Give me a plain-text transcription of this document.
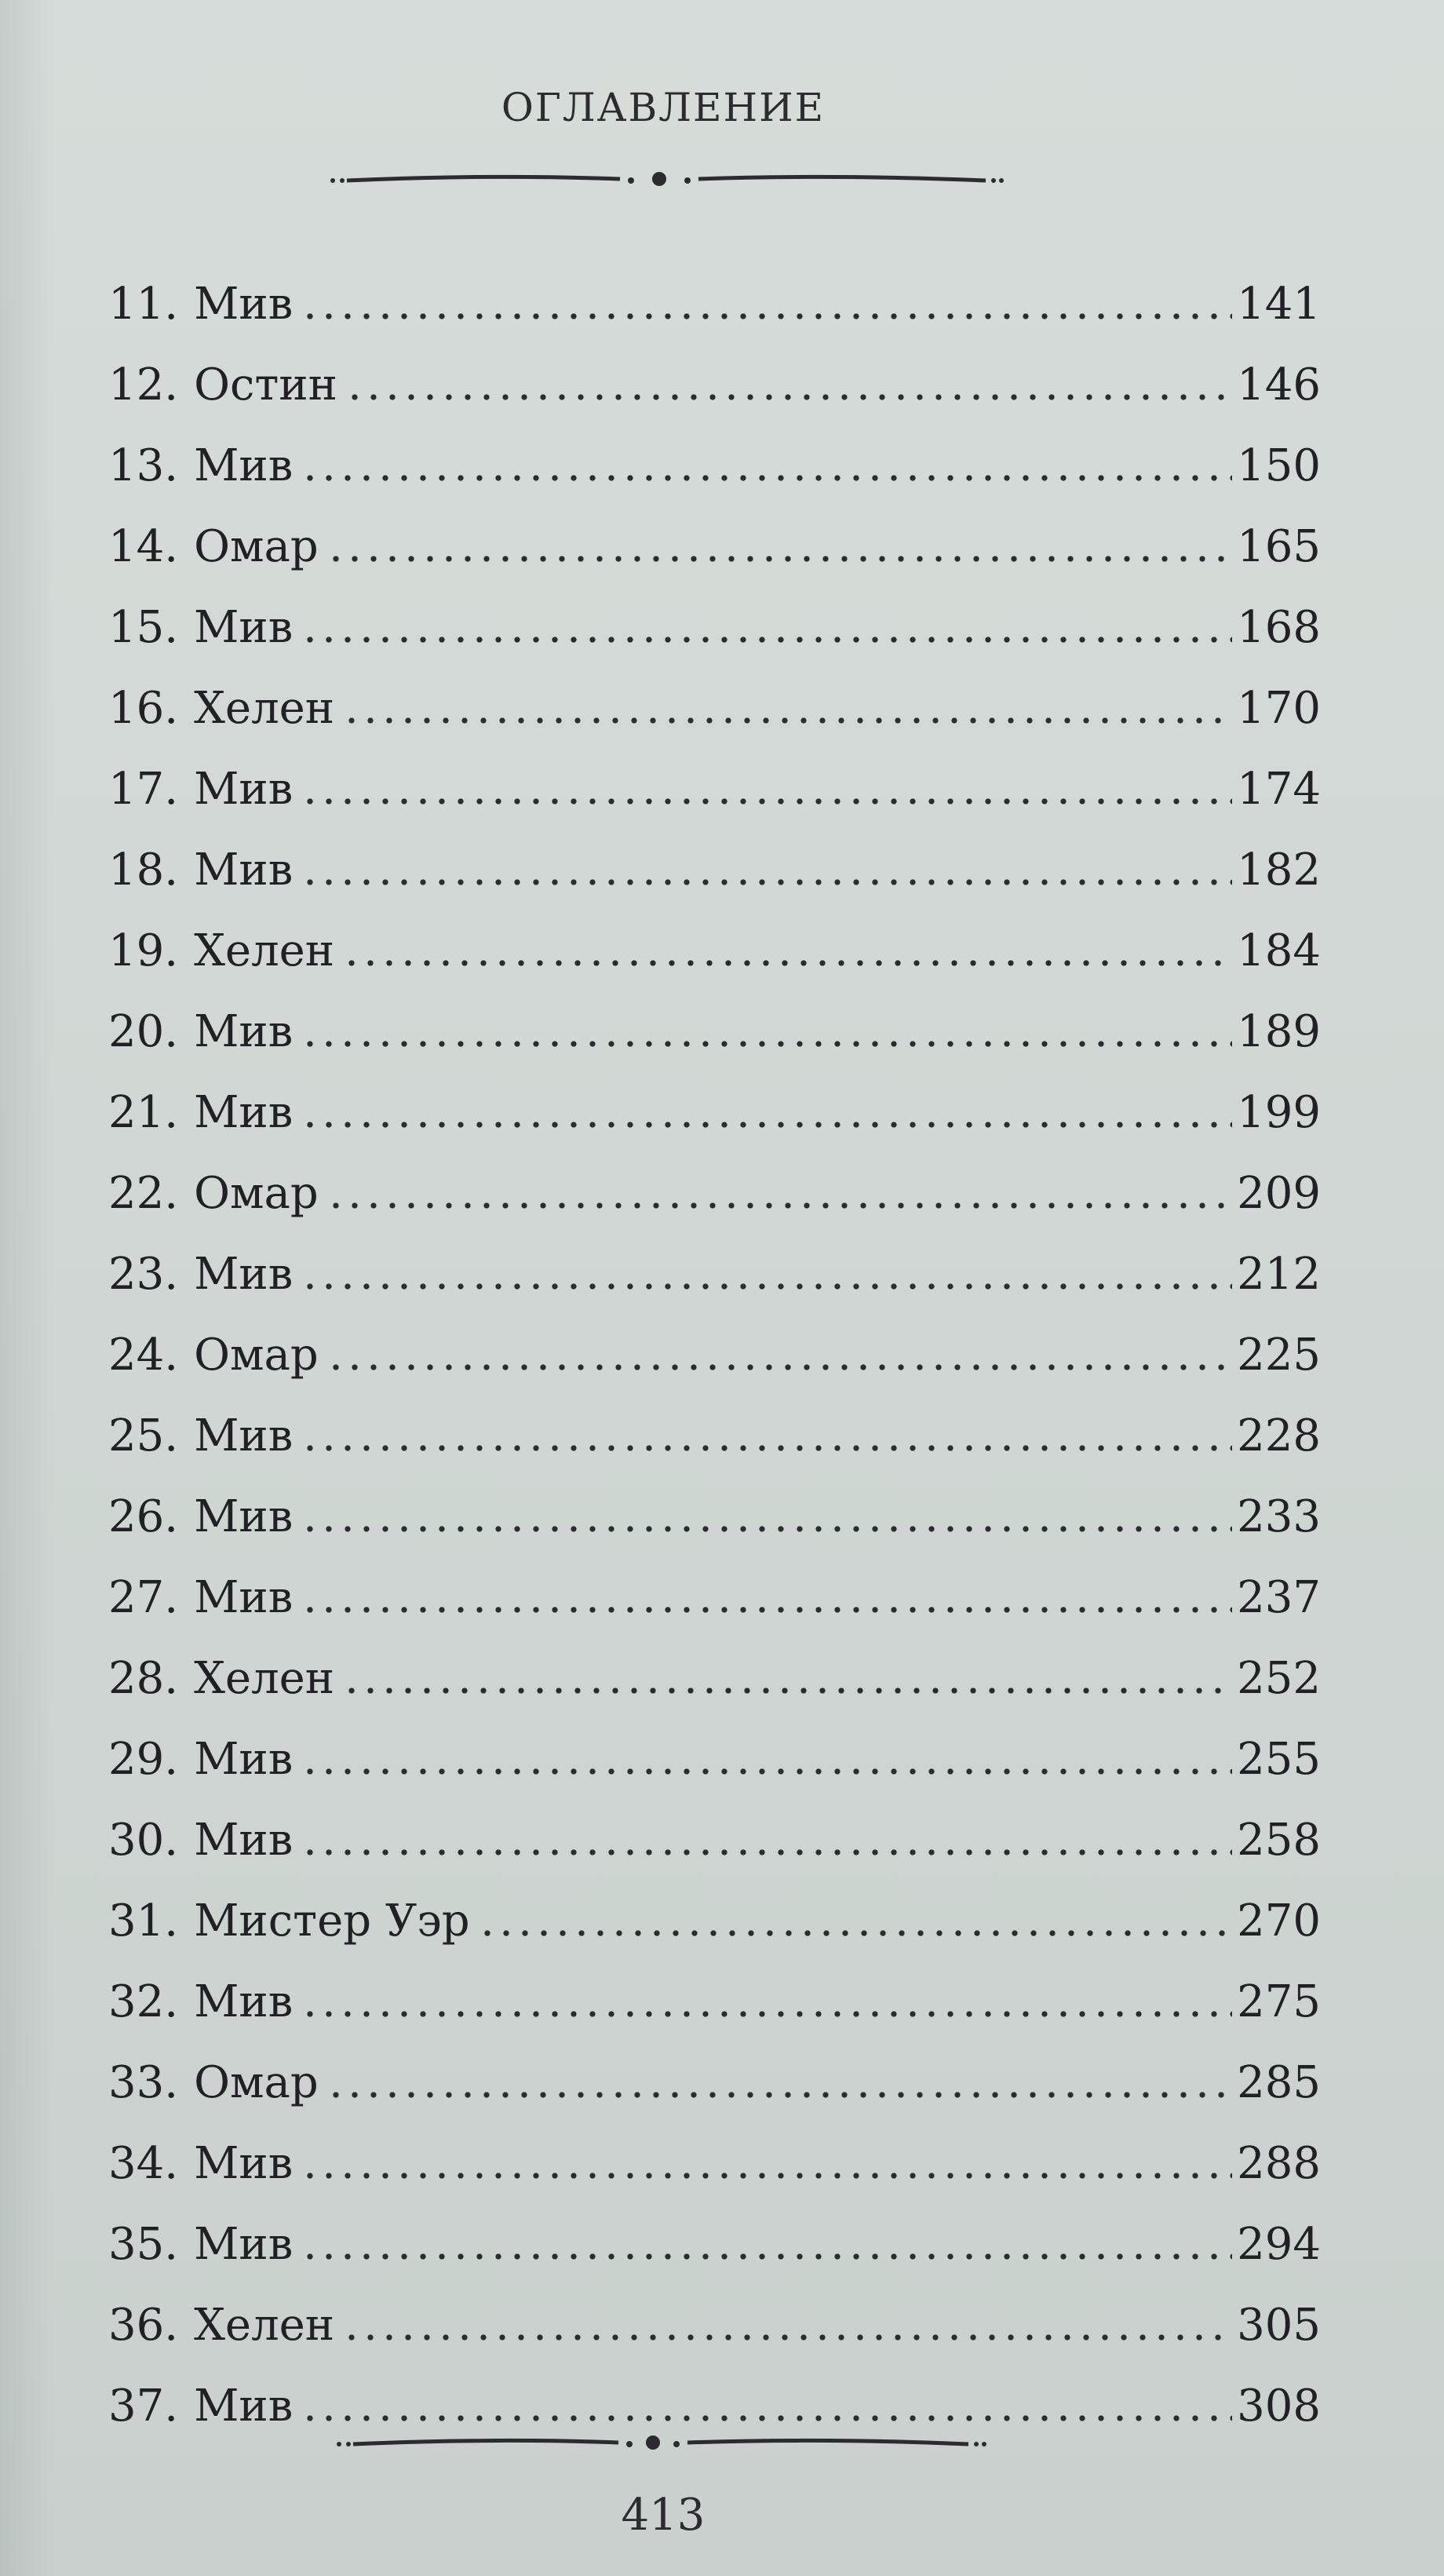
ОГЛАВЛЕНИЕ
11. Мив	141
12. Остин	146
13. Мив	150
14. Омар	165
15. Мив	168
16. Хелен	170
17. Мив	174
18. Мив	182
19. Хелен	184
20. Мив	189
21. Мив	199
22. Омар	209
23. Мив	212
24. Омар	225
25. Мив	228
26. Мив	233
27. Мив	237
28. Хелен	252
29. Мив	255
30. Мив	258
31. Мистер Уэр	270
32. Мив	275
33. Омар	285
34. Мив	288
35. Мив	294
36. Хелен	305
37. Мив	308
413
